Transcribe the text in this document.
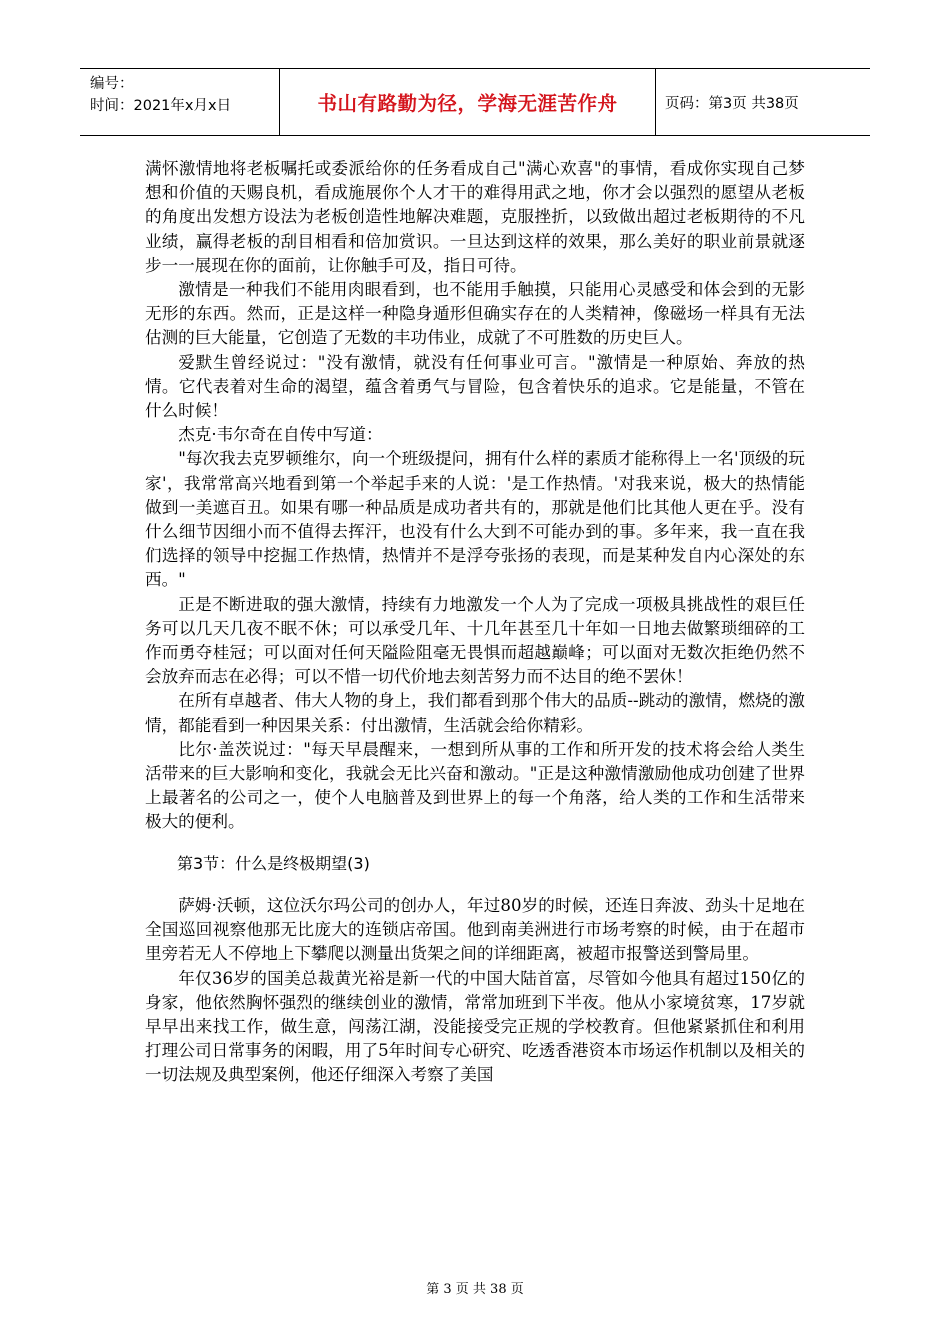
编号：
时间：2021年x月x日	书山有路勤为径，学海无涯苦作舟	页码：第3页 共38页

满怀激情地将老板嘱托或委派给你的任务看成自己"满心欢喜"的事情，看成你实现自己梦想和价值的天赐良机，看成施展你个人才干的难得用武之地，你才会以强烈的愿望从老板的角度出发想方设法为老板创造性地解决难题，克服挫折，以致做出超过老板期待的不凡业绩，赢得老板的刮目相看和倍加赏识。一旦达到这样的效果，那么美好的职业前景就逐步一一展现在你的面前，让你触手可及，指日可待。

激情是一种我们不能用肉眼看到，也不能用手触摸，只能用心灵感受和体会到的无影无形的东西。然而，正是这样一种隐身遁形但确实存在的人类精神，像磁场一样具有无法估测的巨大能量，它创造了无数的丰功伟业，成就了不可胜数的历史巨人。

爱默生曾经说过："没有激情，就没有任何事业可言。"激情是一种原始、奔放的热情。它代表着对生命的渴望，蕴含着勇气与冒险，包含着快乐的追求。它是能量，不管在什么时候！

杰克·韦尔奇在自传中写道：

"每次我去克罗顿维尔，向一个班级提问，拥有什么样的素质才能称得上一名'顶级的玩家'，我常常高兴地看到第一个举起手来的人说：'是工作热情。'对我来说，极大的热情能做到一美遮百丑。如果有哪一种品质是成功者共有的，那就是他们比其他人更在乎。没有什么细节因细小而不值得去挥汗，也没有什么大到不可能办到的事。多年来，我一直在我们选择的领导中挖掘工作热情，热情并不是浮夸张扬的表现，而是某种发自内心深处的东西。"

正是不断进取的强大激情，持续有力地激发一个人为了完成一项极具挑战性的艰巨任务可以几天几夜不眠不休；可以承受几年、十几年甚至几十年如一日地去做繁琐细碎的工作而勇夺桂冠；可以面对任何天隘险阻毫无畏惧而超越巅峰；可以面对无数次拒绝仍然不会放弃而志在必得；可以不惜一切代价地去刻苦努力而不达目的绝不罢休！

在所有卓越者、伟大人物的身上，我们都看到那个伟大的品质--跳动的激情，燃烧的激情，都能看到一种因果关系：付出激情，生活就会给你精彩。

比尔·盖茨说过："每天早晨醒来，一想到所从事的工作和所开发的技术将会给人类生活带来的巨大影响和变化，我就会无比兴奋和激动。"正是这种激情激励他成功创建了世界上最著名的公司之一，使个人电脑普及到世界上的每一个角落，给人类的工作和生活带来极大的便利。

第3节：什么是终极期望(3)

萨姆·沃顿，这位沃尔玛公司的创办人，年过80岁的时候，还连日奔波、劲头十足地在全国巡回视察他那无比庞大的连锁店帝国。他到南美洲进行市场考察的时候，由于在超市里旁若无人不停地上下攀爬以测量出货架之间的详细距离，被超市报警送到警局里。

年仅36岁的国美总裁黄光裕是新一代的中国大陆首富，尽管如今他具有超过150亿的身家，他依然胸怀强烈的继续创业的激情，常常加班到下半夜。他从小家境贫寒，17岁就早早出来找工作，做生意，闯荡江湖，没能接受完正规的学校教育。但他紧紧抓住和利用打理公司日常事务的闲暇，用了5年时间专心研究、吃透香港资本市场运作机制以及相关的一切法规及典型案例，他还仔细深入考察了美国

第 3 页 共 38 页
